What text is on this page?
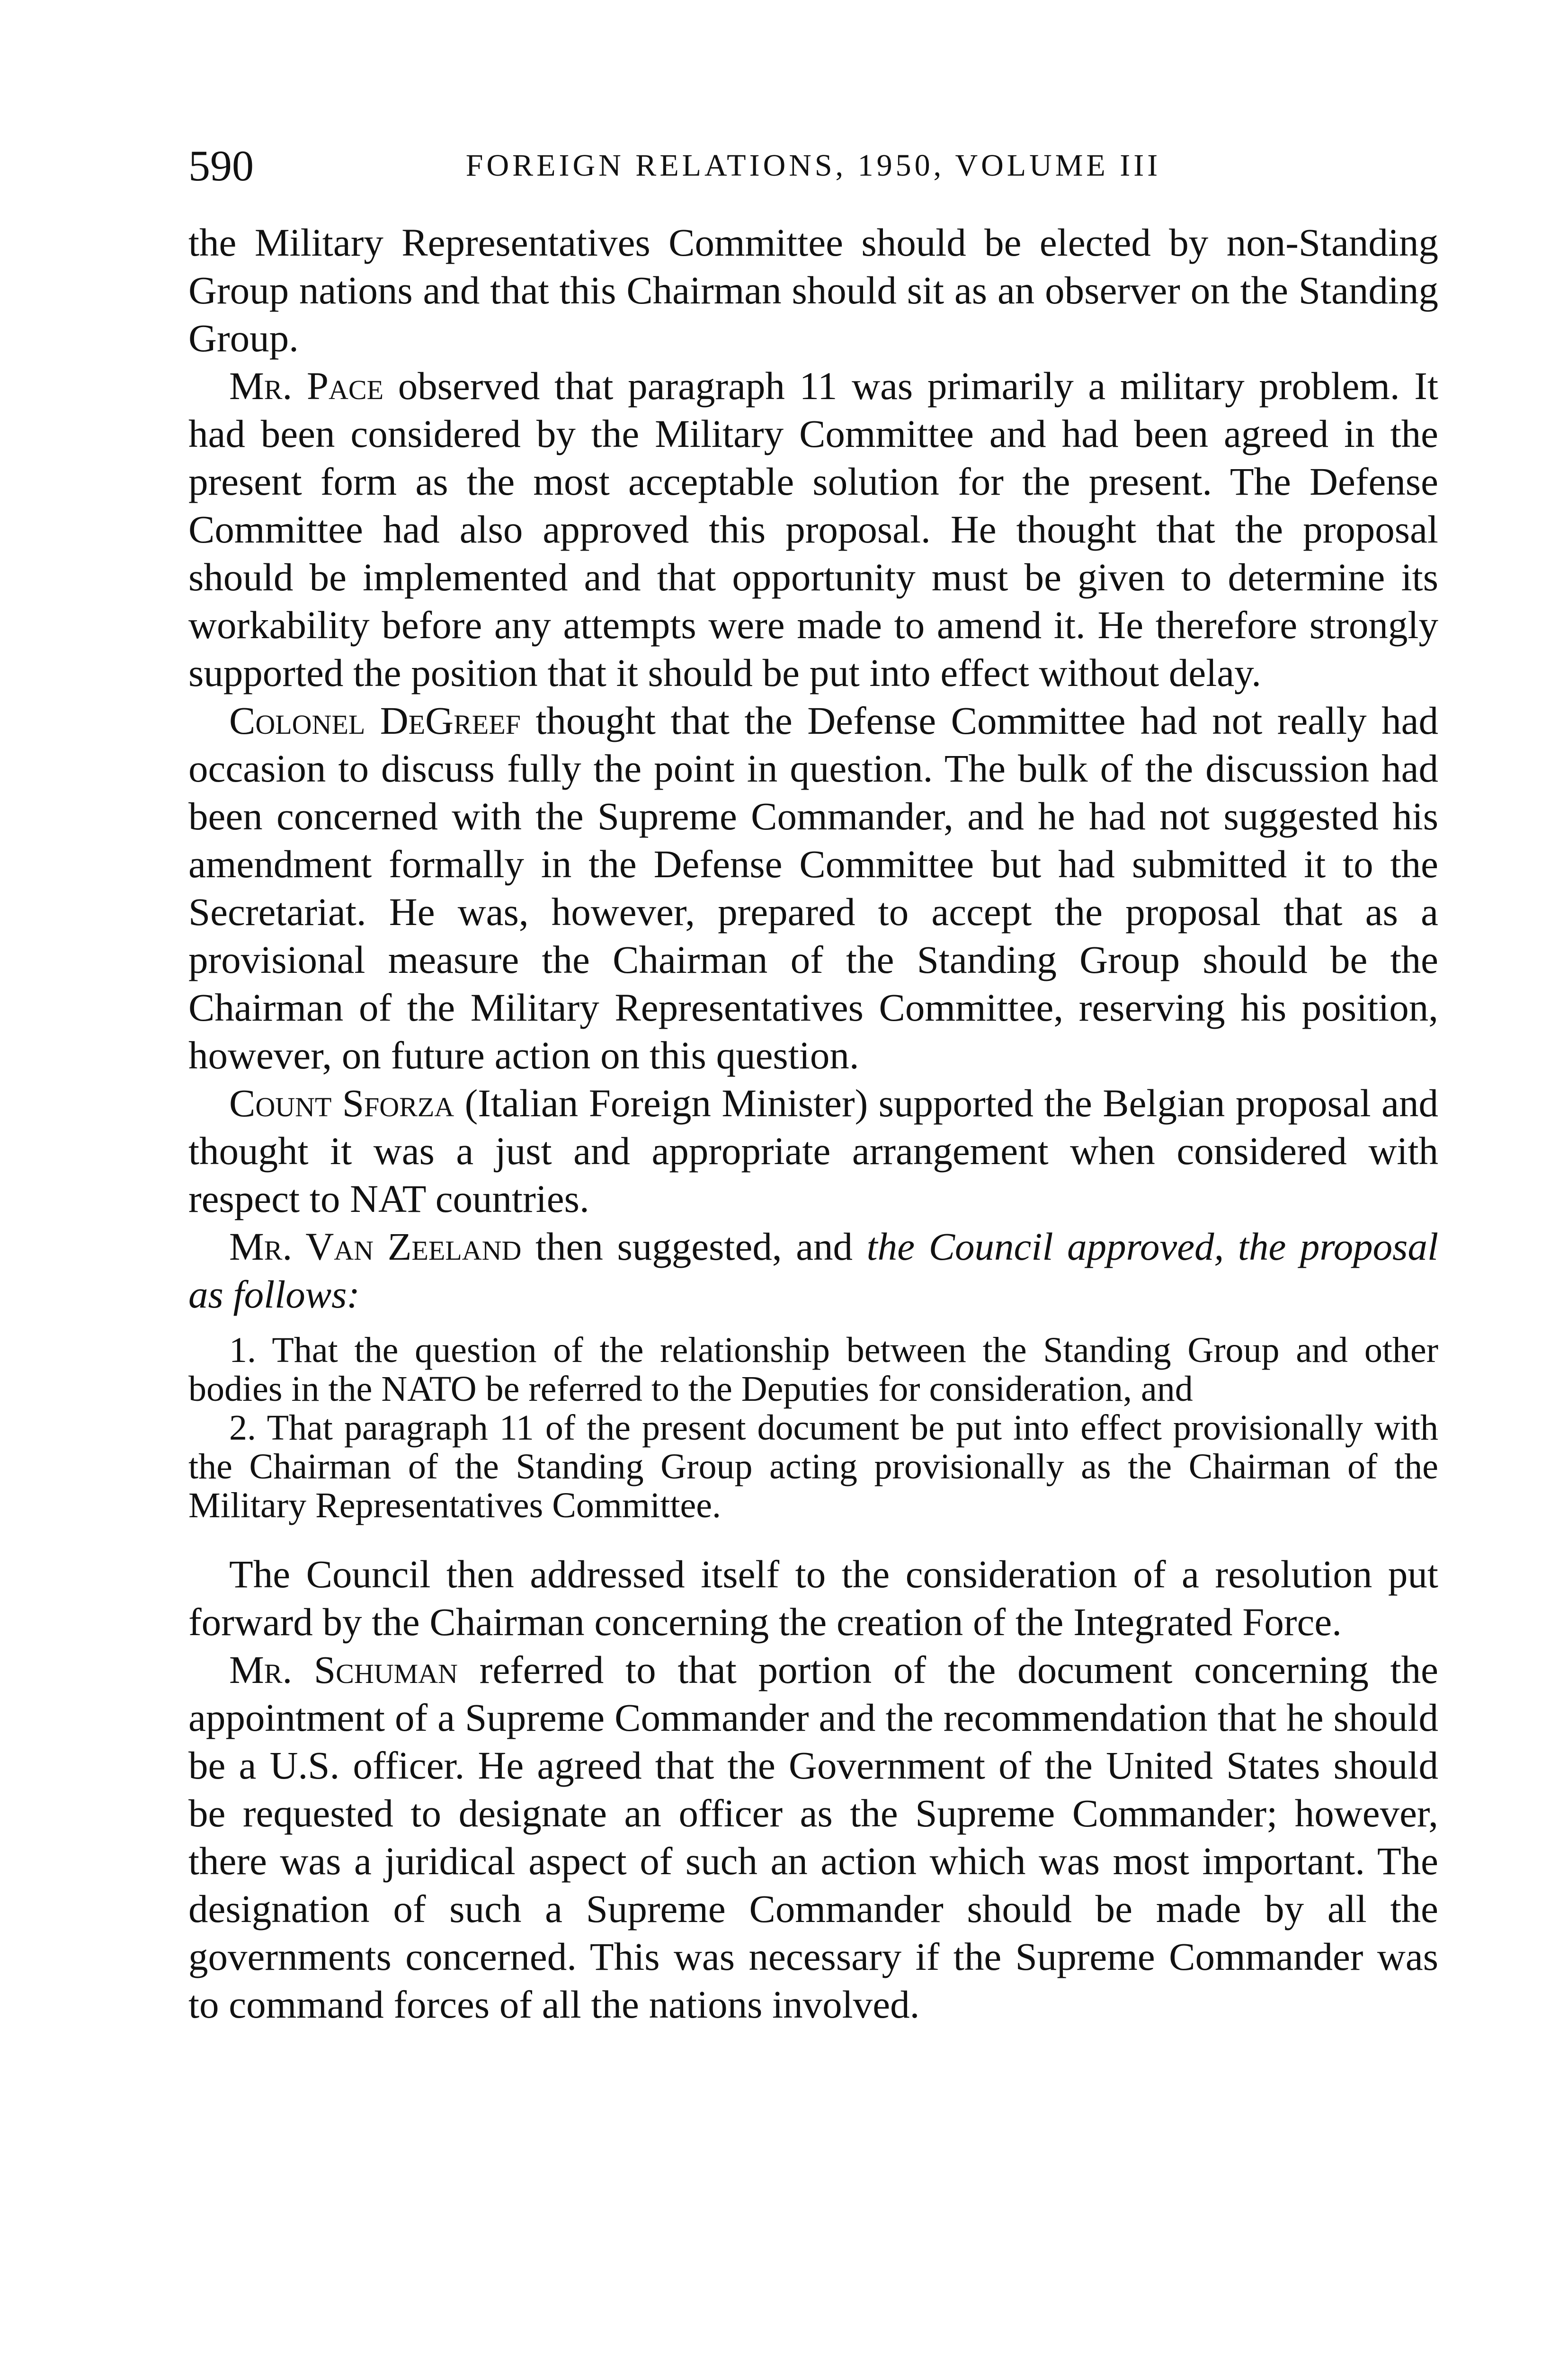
590	FOREIGN RELATIONS, 1950, VOLUME III

the Military Representatives Committee should be elected by non-Standing Group nations and that this Chairman should sit as an observer on the Standing Group.

Mr. Pace observed that paragraph 11 was primarily a military problem. It had been considered by the Military Committee and had been agreed in the present form as the most acceptable solution for the present. The Defense Committee had also approved this proposal. He thought that the proposal should be implemented and that opportunity must be given to determine its workability before any attempts were made to amend it. He therefore strongly supported the position that it should be put into effect without delay.

Colonel DeGreef thought that the Defense Committee had not really had occasion to discuss fully the point in question. The bulk of the discussion had been concerned with the Supreme Commander, and he had not suggested his amendment formally in the Defense Committee but had submitted it to the Secretariat. He was, however, prepared to accept the proposal that as a provisional measure the Chairman of the Standing Group should be the Chairman of the Military Representatives Committee, reserving his position, however, on future action on this question.

Count Sforza (Italian Foreign Minister) supported the Belgian proposal and thought it was a just and appropriate arrangement when considered with respect to NAT countries.

Mr. Van Zeeland then suggested, and the Council approved, the proposal as follows:

1. That the question of the relationship between the Standing Group and other bodies in the NATO be referred to the Deputies for consideration, and

2. That paragraph 11 of the present document be put into effect provisionally with the Chairman of the Standing Group acting provisionally as the Chairman of the Military Representatives Committee.

The Council then addressed itself to the consideration of a resolution put forward by the Chairman concerning the creation of the Integrated Force.

Mr. Schuman referred to that portion of the document concerning the appointment of a Supreme Commander and the recommendation that he should be a U.S. officer. He agreed that the Government of the United States should be requested to designate an officer as the Supreme Commander; however, there was a juridical aspect of such an action which was most important. The designation of such a Supreme Commander should be made by all the governments concerned. This was necessary if the Supreme Commander was to command forces of all the nations involved.
